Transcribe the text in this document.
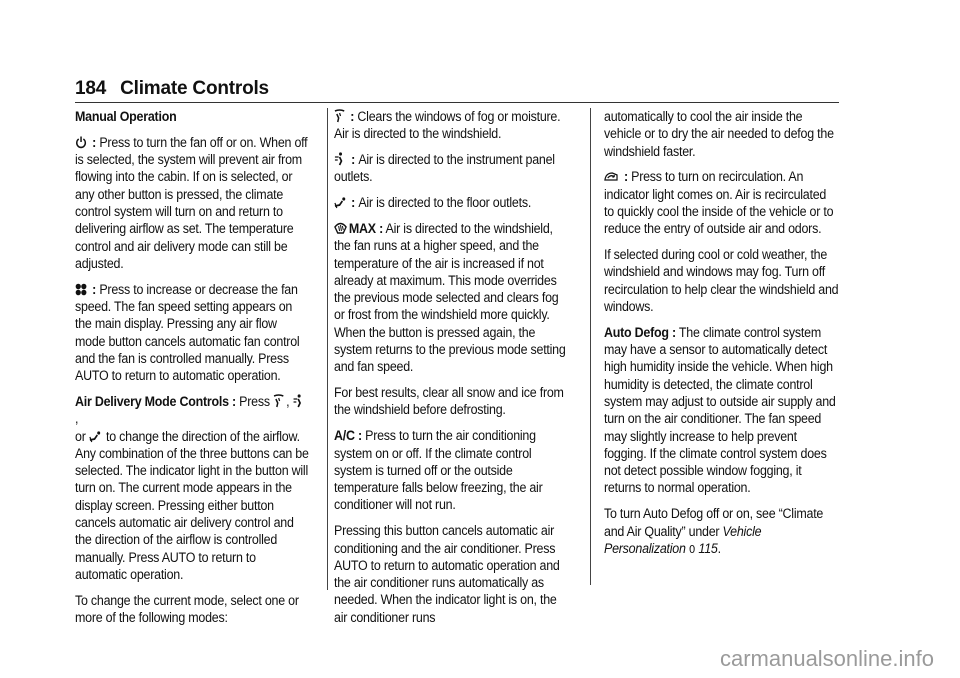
184 Climate Controls

Manual Operation

: Press to turn the fan off or on. When off is selected, the system will prevent air from flowing into the cabin. If on is selected, or any other button is pressed, the climate control system will turn on and return to delivering airflow as set. The temperature control and air delivery mode can still be adjusted.

: Press to increase or decrease the fan speed. The fan speed setting appears on the main display. Pressing any air flow mode button cancels automatic fan control and the fan is controlled manually. Press AUTO to return to automatic operation.

Air Delivery Mode Controls : Press
,
,
or
to change the direction of the airflow. Any combination of the three buttons can be selected. The indicator light in the button will turn on. The current mode appears in the display screen. Pressing either button cancels automatic air delivery control and the direction of the airflow is controlled manually. Press AUTO to return to automatic operation.

To change the current mode, select one or more of the following modes:

: Clears the windows of fog or moisture. Air is directed to the windshield.

: Air is directed to the instrument panel outlets.

: Air is directed to the floor outlets.

MAX : Air is directed to the windshield, the fan runs at a higher speed, and the temperature of the air is increased if not already at maximum. This mode overrides the previous mode selected and clears fog or frost from the windshield more quickly. When the button is pressed again, the system returns to the previous mode setting and fan speed.

For best results, clear all snow and ice from the windshield before defrosting.

A/C : Press to turn the air conditioning system on or off. If the climate control system is turned off or the outside temperature falls below freezing, the air conditioner will not run.

Pressing this button cancels automatic air conditioning and the air conditioner. Press AUTO to return to automatic operation and the air conditioner runs automatically as needed. When the indicator light is on, the air conditioner runs

automatically to cool the air inside the vehicle or to dry the air needed to defog the windshield faster.

: Press to turn on recirculation. An indicator light comes on. Air is recirculated to quickly cool the inside of the vehicle or to reduce the entry of outside air and odors.

If selected during cool or cold weather, the windshield and windows may fog. Turn off recirculation to help clear the windshield and windows.

Auto Defog : The climate control system may have a sensor to automatically detect high humidity inside the vehicle. When high humidity is detected, the climate control system may adjust to outside air supply and turn on the air conditioner. The fan speed may slightly increase to help prevent fogging. If the climate control system does not detect possible window fogging, it returns to normal operation.

To turn Auto Defog off or on, see “Climate and Air Quality” under Vehicle Personalization 0 115.

carmanualsonline.info
